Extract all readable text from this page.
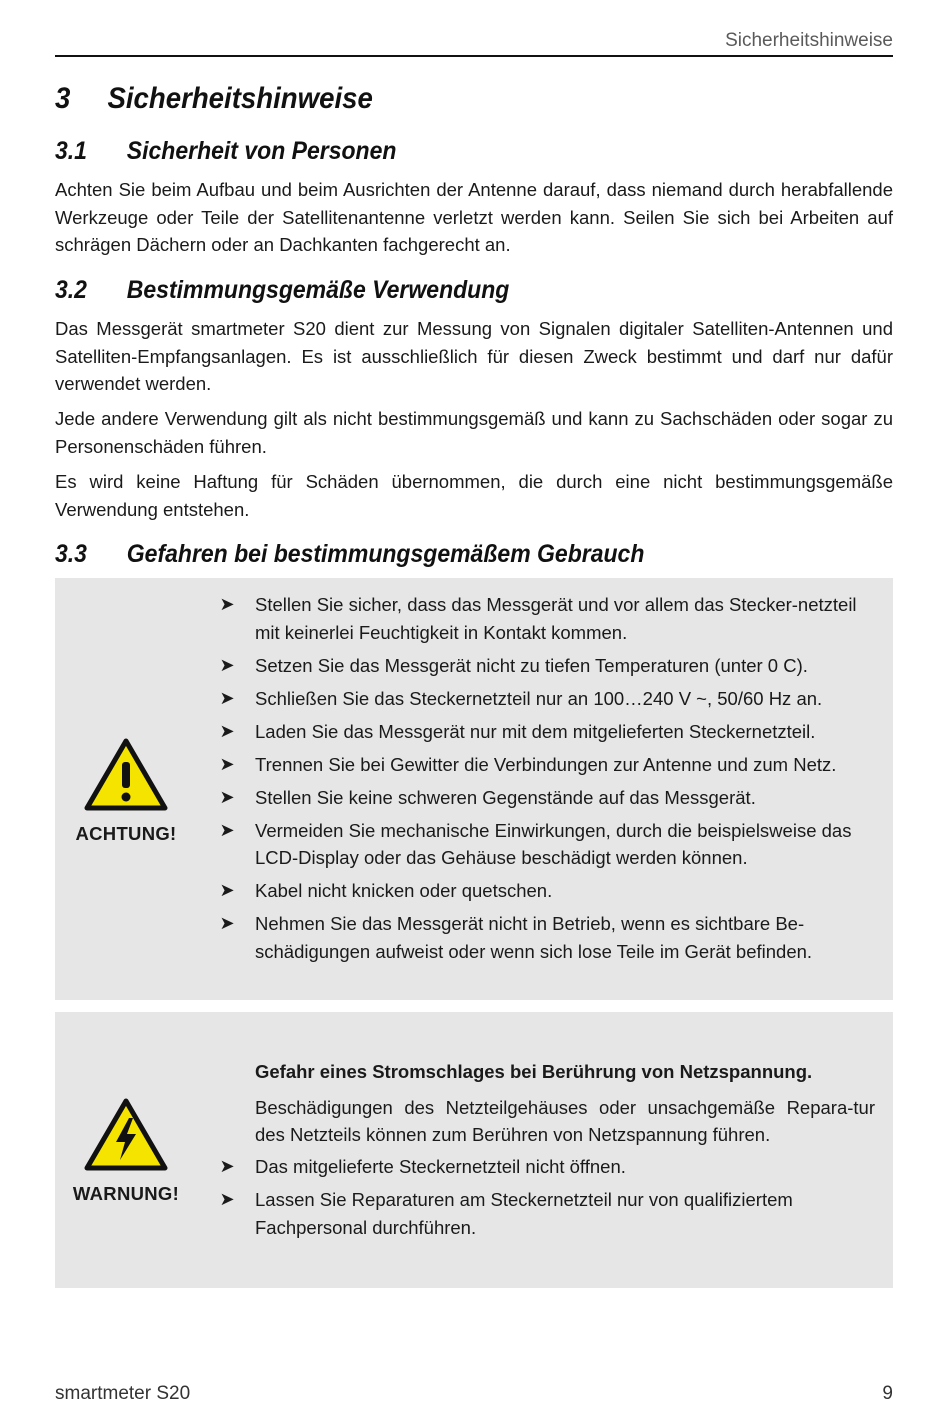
Sicherheitshinweise
3 Sicherheitshinweise
3.1 Sicherheit von Personen

Achten Sie beim Aufbau und beim Ausrichten der Antenne darauf, dass niemand durch herabfallende Werkzeuge oder Teile der Satellitenantenne verletzt werden kann. Seilen Sie sich bei Arbeiten auf schrägen Dächern oder an Dachkanten fachgerecht an.

3.2 Bestimmungsgemäße Verwendung

Das Messgerät smartmeter S20 dient zur Messung von Signalen digitaler Satelliten-Antennen und Satelliten-Empfangsanlagen. Es ist ausschließlich für diesen Zweck bestimmt und darf nur dafür verwendet werden.

Jede andere Verwendung gilt als nicht bestimmungsgemäß und kann zu Sachschäden oder sogar zu Personenschäden führen.

Es wird keine Haftung für Schäden übernommen, die durch eine nicht bestimmungsgemäße Verwendung entstehen.

3.3 Gefahren bei bestimmungsgemäßem Gebrauch
ACHTUNG!
➤ Stellen Sie sicher, dass das Messgerät und vor allem das Stecker-netzteil mit keinerlei Feuchtigkeit in Kontakt kommen.
➤ Setzen Sie das Messgerät nicht zu tiefen Temperaturen (unter 0 C).
➤ Schließen Sie das Steckernetzteil nur an 100…240 V ~, 50/60 Hz an.
➤ Laden Sie das Messgerät nur mit dem mitgelieferten Steckernetzteil.
➤ Trennen Sie bei Gewitter die Verbindungen zur Antenne und zum Netz.
➤ Stellen Sie keine schweren Gegenstände auf das Messgerät.
➤ Vermeiden Sie mechanische Einwirkungen, durch die beispielsweise das LCD-Display oder das Gehäuse beschädigt werden können.
➤ Kabel nicht knicken oder quetschen.
➤ Nehmen Sie das Messgerät nicht in Betrieb, wenn es sichtbare Be-schädigungen aufweist oder wenn sich lose Teile im Gerät befinden.
WARNUNG!
Gefahr eines Stromschlages bei Berührung von Netzspannung.
Beschädigungen des Netzteilgehäuses oder unsachgemäße Repara-tur des Netzteils können zum Berühren von Netzspannung führen.
➤ Das mitgelieferte Steckernetzteil nicht öffnen.
➤ Lassen Sie Reparaturen am Steckernetzteil nur von qualifiziertem Fachpersonal durchführen.
smartmeter S20	9
